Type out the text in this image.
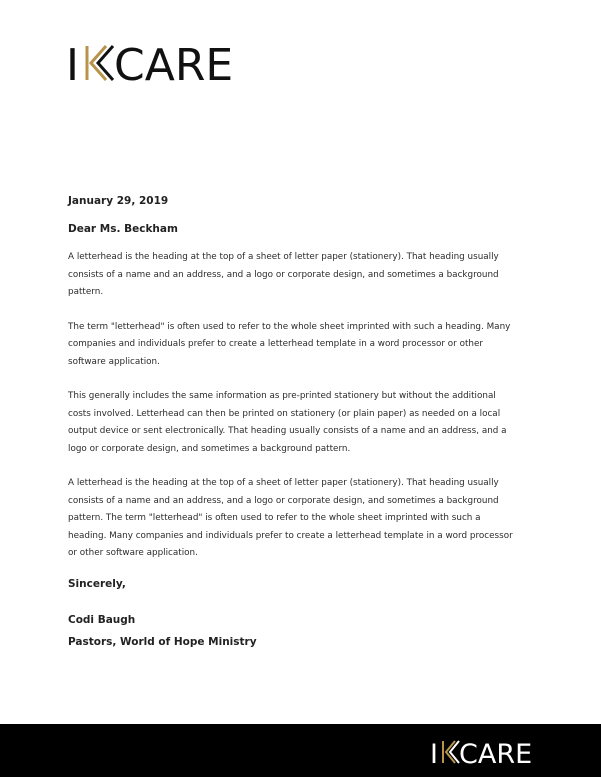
I CARE

January 29, 2019

Dear Ms. Beckham

A letterhead is the heading at the top of a sheet of letter paper (stationery). That heading usually consists of a name and an address, and a logo or corporate design, and sometimes a background pattern.

The term "letterhead" is often used to refer to the whole sheet imprinted with such a heading. Many companies and individuals prefer to create a letterhead template in a word processor or other software application.

This generally includes the same information as pre-printed stationery but without the additional costs involved. Letterhead can then be printed on stationery (or plain paper) as needed on a local output device or sent electronically. That heading usually consists of a name and an address, and a logo or corporate design, and sometimes a background pattern.

A letterhead is the heading at the top of a sheet of letter paper (stationery). That heading usually consists of a name and an address, and a logo or corporate design, and sometimes a background pattern. The term "letterhead" is often used to refer to the whole sheet imprinted with such a heading. Many companies and individuals prefer to create a letterhead template in a word processor or other software application.

Sincerely,

Codi Baugh

Pastors, World of Hope Ministry

I CARE
